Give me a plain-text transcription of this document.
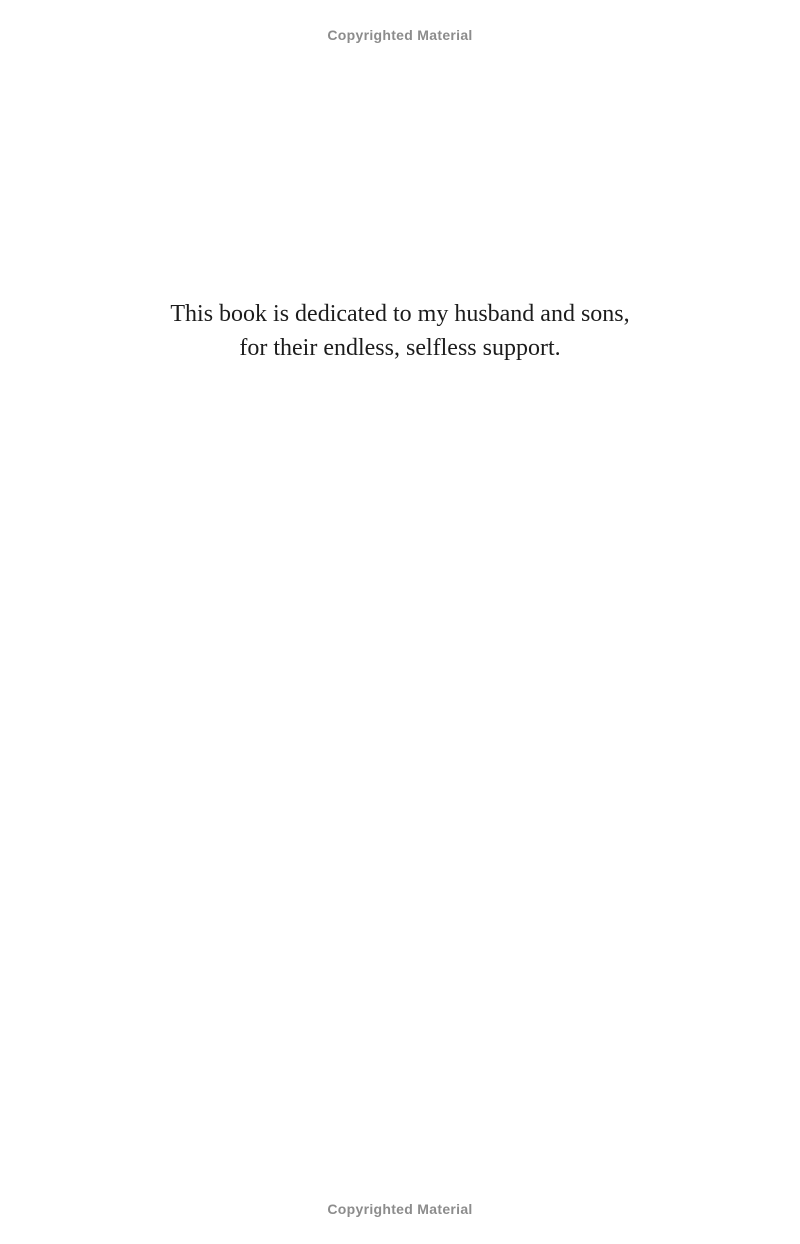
Copyrighted Material
This book is dedicated to my husband and sons,
for their endless, selfless support.
Copyrighted Material
